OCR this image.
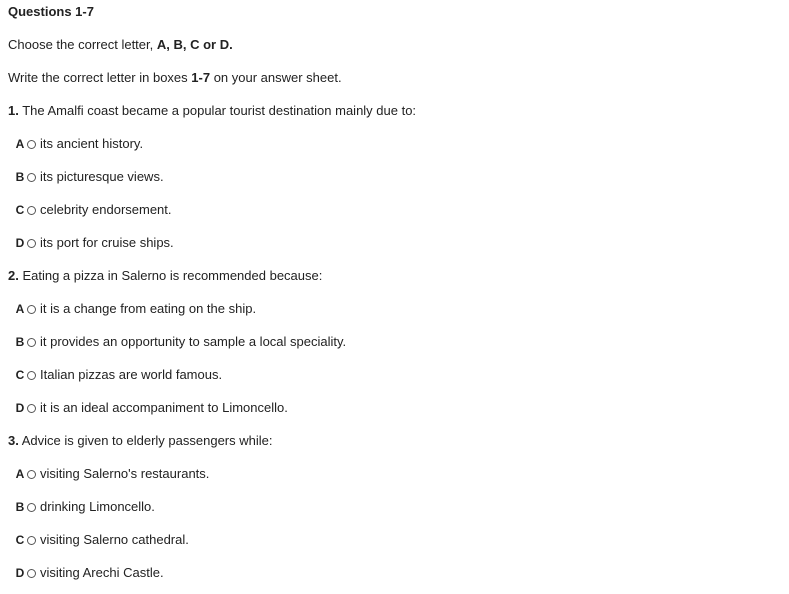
Questions 1-7
Choose the correct letter, A, B, C or D.
Write the correct letter in boxes 1-7 on your answer sheet.
1. The Amalfi coast became a popular tourist destination mainly due to:
A its ancient history.
B its picturesque views.
C celebrity endorsement.
D its port for cruise ships.
2. Eating a pizza in Salerno is recommended because:
A it is a change from eating on the ship.
B it provides an opportunity to sample a local speciality.
C Italian pizzas are world famous.
D it is an ideal accompaniment to Limoncello.
3. Advice is given to elderly passengers while:
A visiting Salerno's restaurants.
B drinking Limoncello.
C visiting Salerno cathedral.
D visiting Arechi Castle.
